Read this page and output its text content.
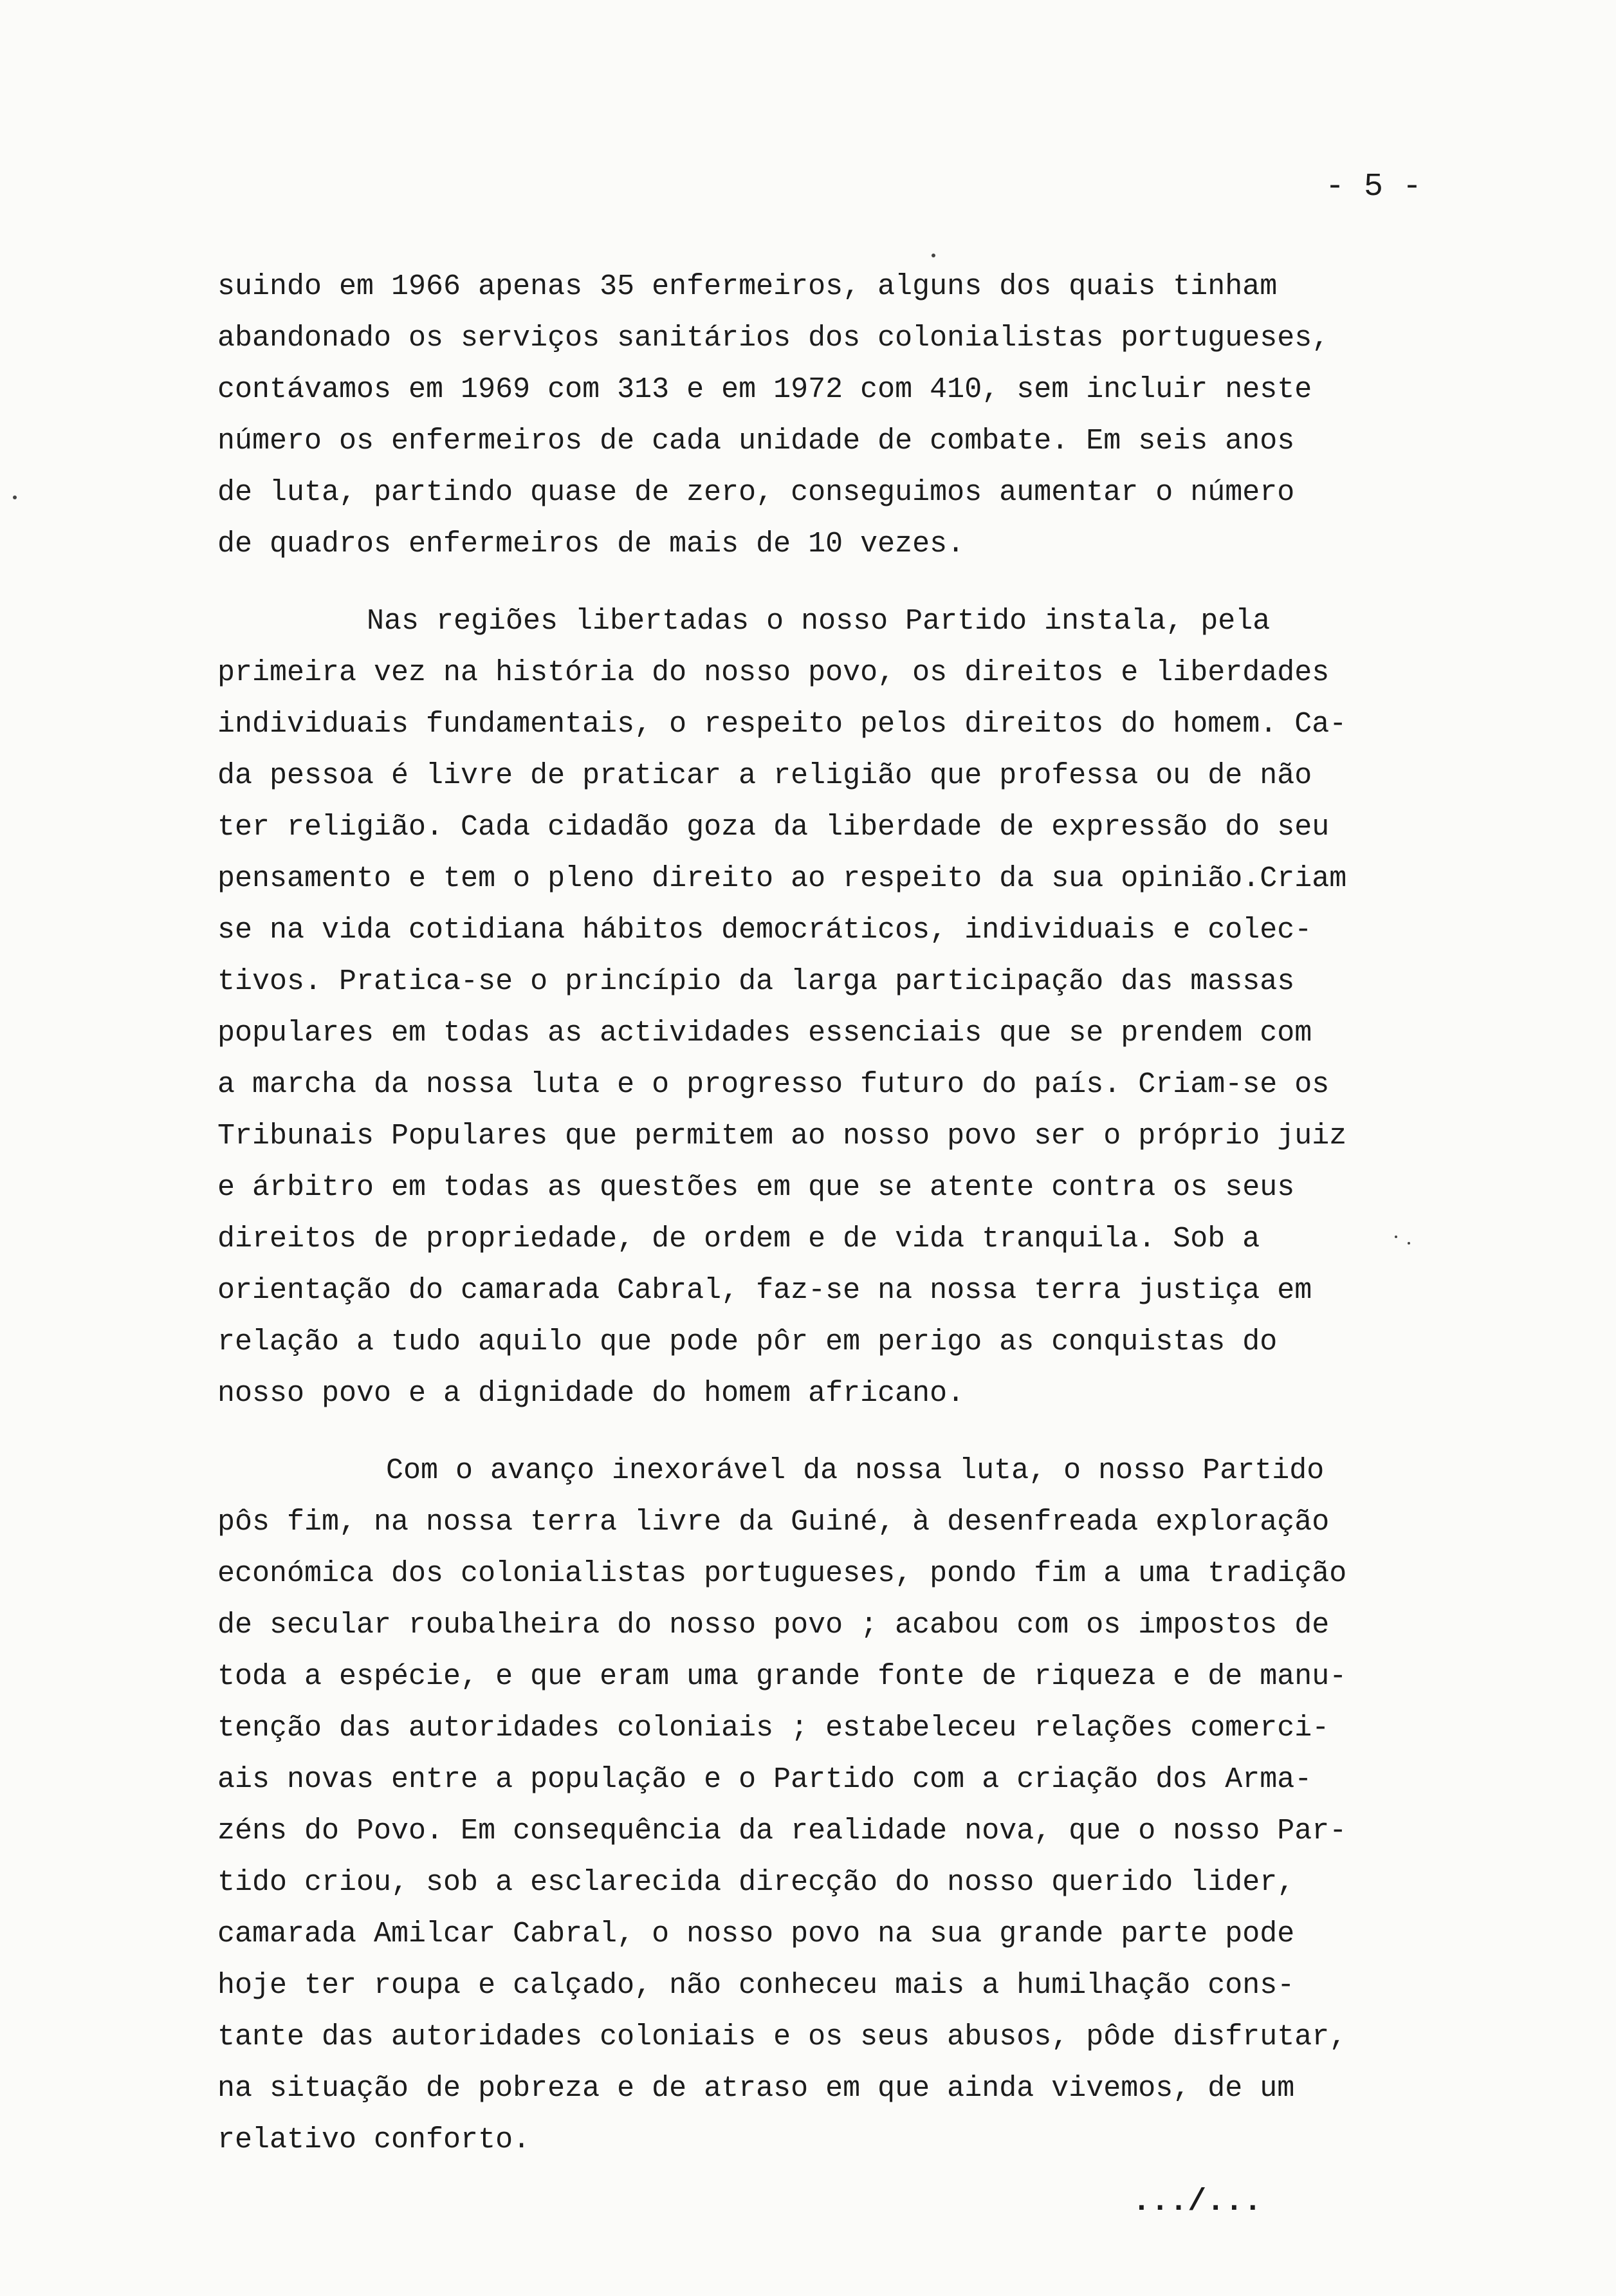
- 5 -

suindo em 1966 apenas 35 enfermeiros, alguns dos quais tinham
abandonado os serviços sanitários dos colonialistas portugueses,
contávamos em 1969 com 313 e em 1972 com 410, sem incluir neste
número os enfermeiros de cada unidade de combate. Em seis anos
de luta, partindo quase de zero, conseguimos aumentar o número
de quadros enfermeiros de mais de 10 vezes.

Nas regiões libertadas o nosso Partido instala, pela
primeira vez na história do nosso povo, os direitos e liberdades
individuais fundamentais, o respeito pelos direitos do homem. Ca-
da pessoa é livre de praticar a religião que professa ou de não
ter religião. Cada cidadão goza da liberdade de expressão do seu
pensamento e tem o pleno direito ao respeito da sua opinião.Criam
se na vida cotidiana hábitos democráticos, individuais e colec-
tivos. Pratica-se o princípio da larga participação das massas
populares em todas as actividades essenciais que se prendem com
a marcha da nossa luta e o progresso futuro do país. Criam-se os
Tribunais Populares que permitem ao nosso povo ser o próprio juiz
e árbitro em todas as questões em que se atente contra os seus
direitos de propriedade, de ordem e de vida tranquila. Sob a
orientação do camarada Cabral, faz-se na nossa terra justiça em
relação a tudo aquilo que pode pôr em perigo as conquistas do
nosso povo e a dignidade do homem africano.

Com o avanço inexorável da nossa luta, o nosso Partido
pôs fim, na nossa terra livre da Guiné, à desenfreada exploração
económica dos colonialistas portugueses, pondo fim a uma tradição
de secular roubalheira do nosso povo ; acabou com os impostos de
toda a espécie, e que eram uma grande fonte de riqueza e de manu-
tenção das autoridades coloniais ; estabeleceu relações comerci-
ais novas entre a população e o Partido com a criação dos Arma-
zéns do Povo. Em consequência da realidade nova, que o nosso Par-
tido criou, sob a esclarecida direcção do nosso querido lider,
camarada Amilcar Cabral, o nosso povo na sua grande parte pode
hoje ter roupa e calçado, não conheceu mais a humilhação cons-
tante das autoridades coloniais e os seus abusos, pôde disfrutar,
na situação de pobreza e de atraso em que ainda vivemos, de um
relativo conforto.

.../...
